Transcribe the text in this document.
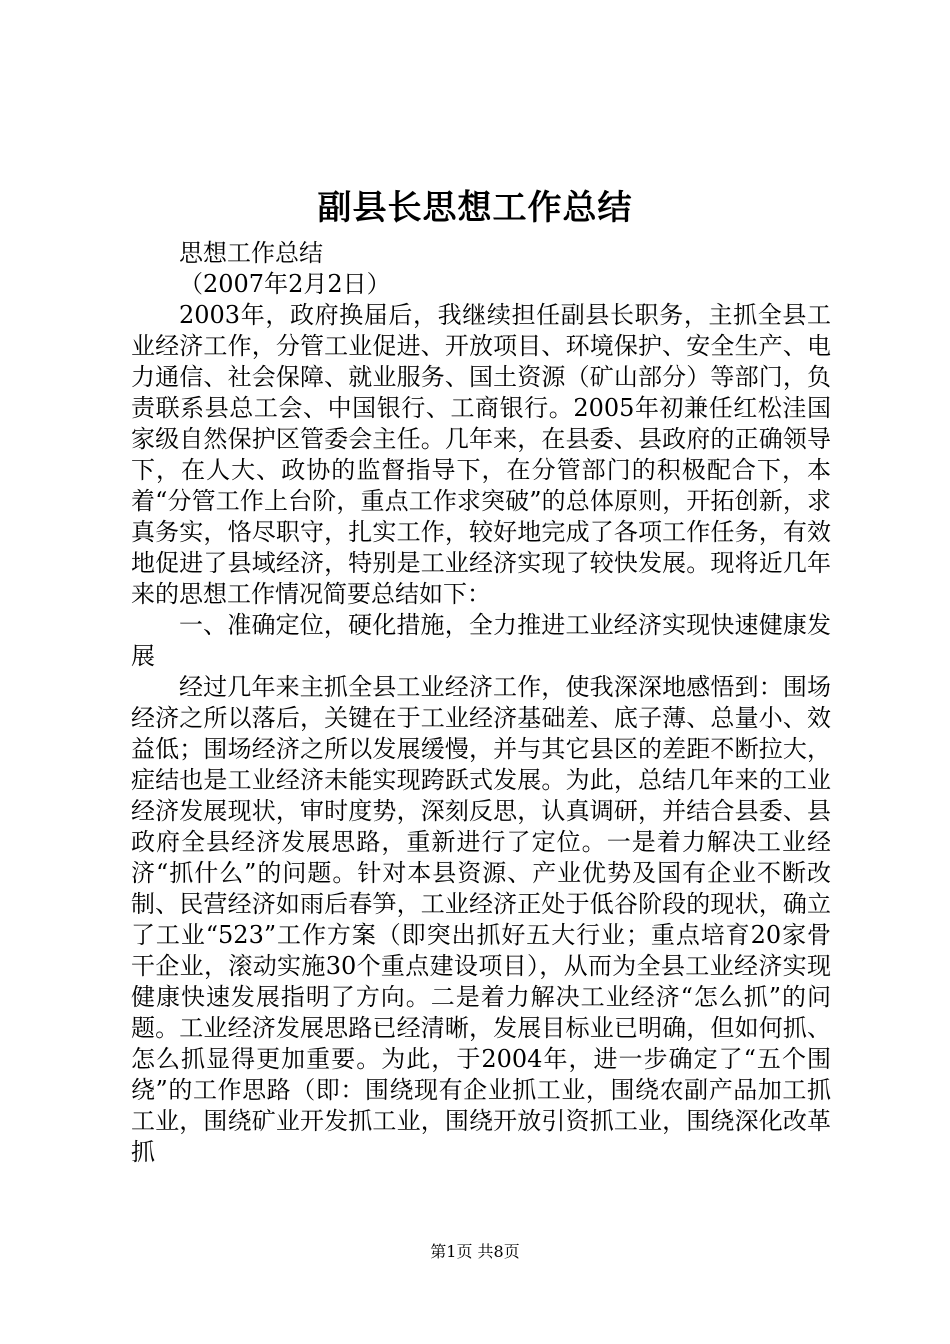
副县长思想工作总结

思想工作总结

（2007年2月2日）

2003年，政府换届后，我继续担任副县长职务，主抓全县工业经济工作，分管工业促进、开放项目、环境保护、安全生产、电力通信、社会保障、就业服务、国土资源（矿山部分）等部门，负责联系县总工会、中国银行、工商银行。2005年初兼任红松洼国家级自然保护区管委会主任。几年来，在县委、县政府的正确领导下，在人大、政协的监督指导下，在分管部门的积极配合下，本着“分管工作上台阶，重点工作求突破”的总体原则，开拓创新，求真务实，恪尽职守，扎实工作，较好地完成了各项工作任务，有效地促进了县域经济，特别是工业经济实现了较快发展。现将近几年来的思想工作情况简要总结如下：

一、准确定位，硬化措施，全力推进工业经济实现快速健康发展

经过几年来主抓全县工业经济工作，使我深深地感悟到：围场经济之所以落后，关键在于工业经济基础差、底子薄、总量小、效益低；围场经济之所以发展缓慢，并与其它县区的差距不断拉大，症结也是工业经济未能实现跨跃式发展。为此，总结几年来的工业经济发展现状，审时度势，深刻反思，认真调研，并结合县委、县政府全县经济发展思路，重新进行了定位。一是着力解决工业经济“抓什么”的问题。针对本县资源、产业优势及国有企业不断改制、民营经济如雨后春笋，工业经济正处于低谷阶段的现状，确立了工业“523”工作方案（即突出抓好五大行业；重点培育20家骨干企业，滚动实施30个重点建设项目），从而为全县工业经济实现健康快速发展指明了方向。二是着力解决工业经济“怎么抓”的问题。工业经济发展思路已经清晰，发展目标业已明确，但如何抓、怎么抓显得更加重要。为此，于2004年，进一步确定了“五个围绕”的工作思路（即：围绕现有企业抓工业，围绕农副产品加工抓工业，围绕矿业开发抓工业，围绕开放引资抓工业，围绕深化改革抓

第1页 共8页
